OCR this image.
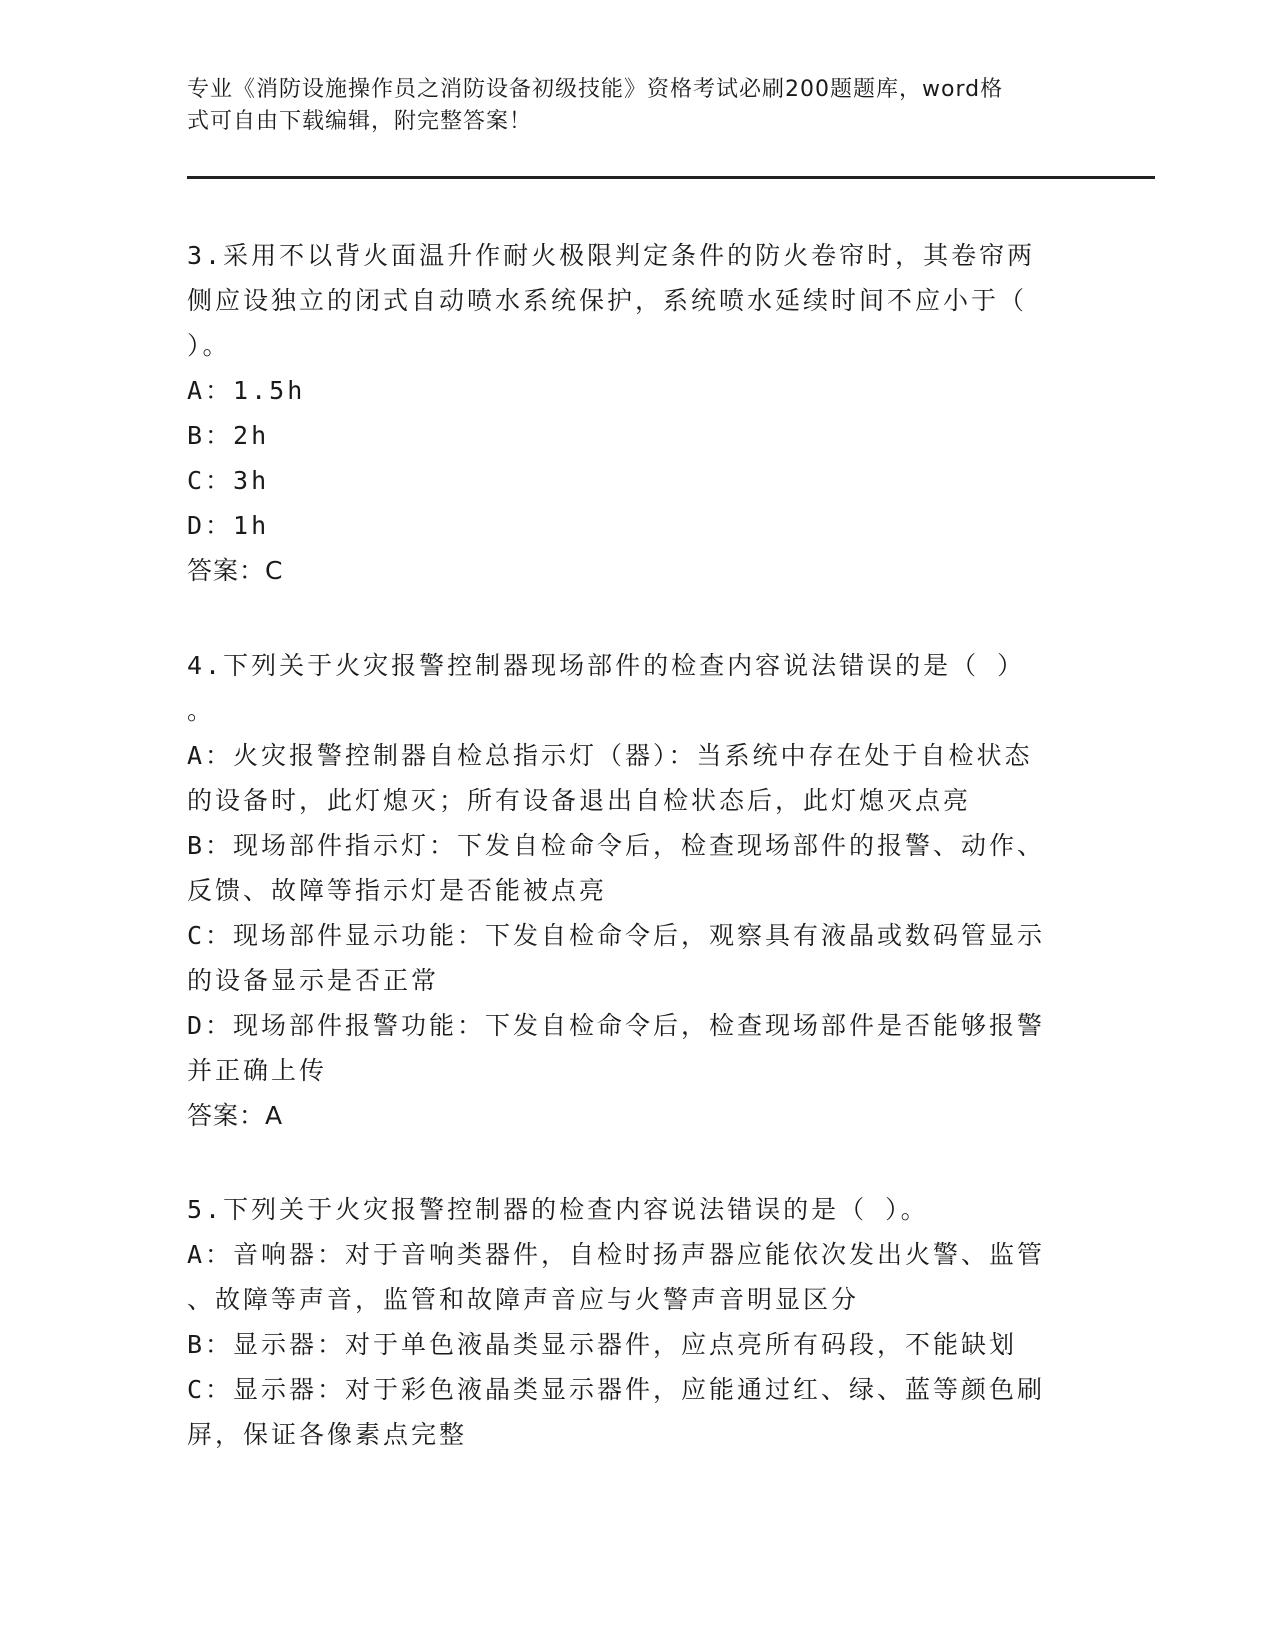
专业《消防设施操作员之消防设备初级技能》资格考试必刷200题题库，word格
式可自由下载编辑，附完整答案！
3.采用不以背火面温升作耐火极限判定条件的防火卷帘时，其卷帘两
侧应设独立的闭式自动喷水系统保护，系统喷水延续时间不应小于（
）。
A：1.5h
B：2h
C：3h
D：1h
答案：C
4.下列关于火灾报警控制器现场部件的检查内容说法错误的是（ ）
。
A：火灾报警控制器自检总指示灯（器）：当系统中存在处于自检状态
的设备时，此灯熄灭；所有设备退出自检状态后，此灯熄灭点亮
B：现场部件指示灯：下发自检命令后，检查现场部件的报警、动作、
反馈、故障等指示灯是否能被点亮
C：现场部件显示功能：下发自检命令后，观察具有液晶或数码管显示
的设备显示是否正常
D：现场部件报警功能：下发自检命令后，检查现场部件是否能够报警
并正确上传
答案：A
5.下列关于火灾报警控制器的检查内容说法错误的是（ ）。
A：音响器：对于音响类器件，自检时扬声器应能依次发出火警、监管
、故障等声音，监管和故障声音应与火警声音明显区分
B：显示器：对于单色液晶类显示器件，应点亮所有码段，不能缺划
C：显示器：对于彩色液晶类显示器件，应能通过红、绿、蓝等颜色刷
屏，保证各像素点完整
